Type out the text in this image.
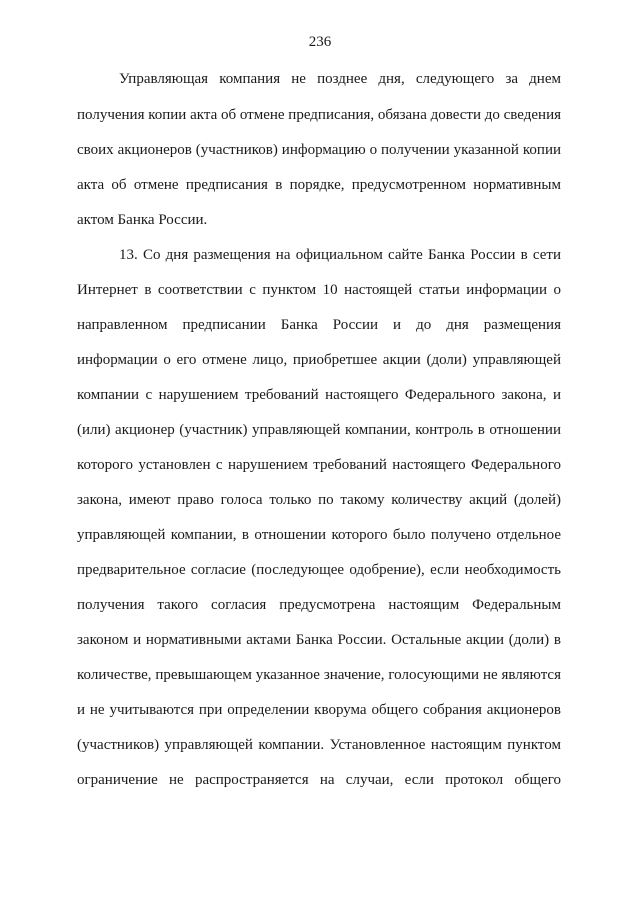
236
Управляющая компания не позднее дня, следующего за днем
получения копии акта об отмене предписания, обязана довести до сведения
своих акционеров (участников) информацию о получении указанной копии
акта об отмене предписания в порядке, предусмотренном нормативным
актом Банка России.
13. Со дня размещения на официальном сайте Банка России в сети
Интернет в соответствии с пунктом 10 настоящей статьи информации о
направленном предписании Банка России и до дня размещения
информации о его отмене лицо, приобретшее акции (доли) управляющей
компании с нарушением требований настоящего Федерального закона, и
(или) акционер (участник) управляющей компании, контроль в отношении
которого установлен с нарушением требований настоящего Федерального
закона, имеют право голоса только по такому количеству акций (долей)
управляющей компании, в отношении которого было получено отдельное
предварительное согласие (последующее одобрение), если необходимость
получения такого согласия предусмотрена настоящим Федеральным
законом и нормативными актами Банка России. Остальные акции (доли) в
количестве, превышающем указанное значение, голосующими не являются
и не учитываются при определении кворума общего собрания акционеров
(участников) управляющей компании. Установленное настоящим пунктом
ограничение не распространяется на случаи, если протокол общего
